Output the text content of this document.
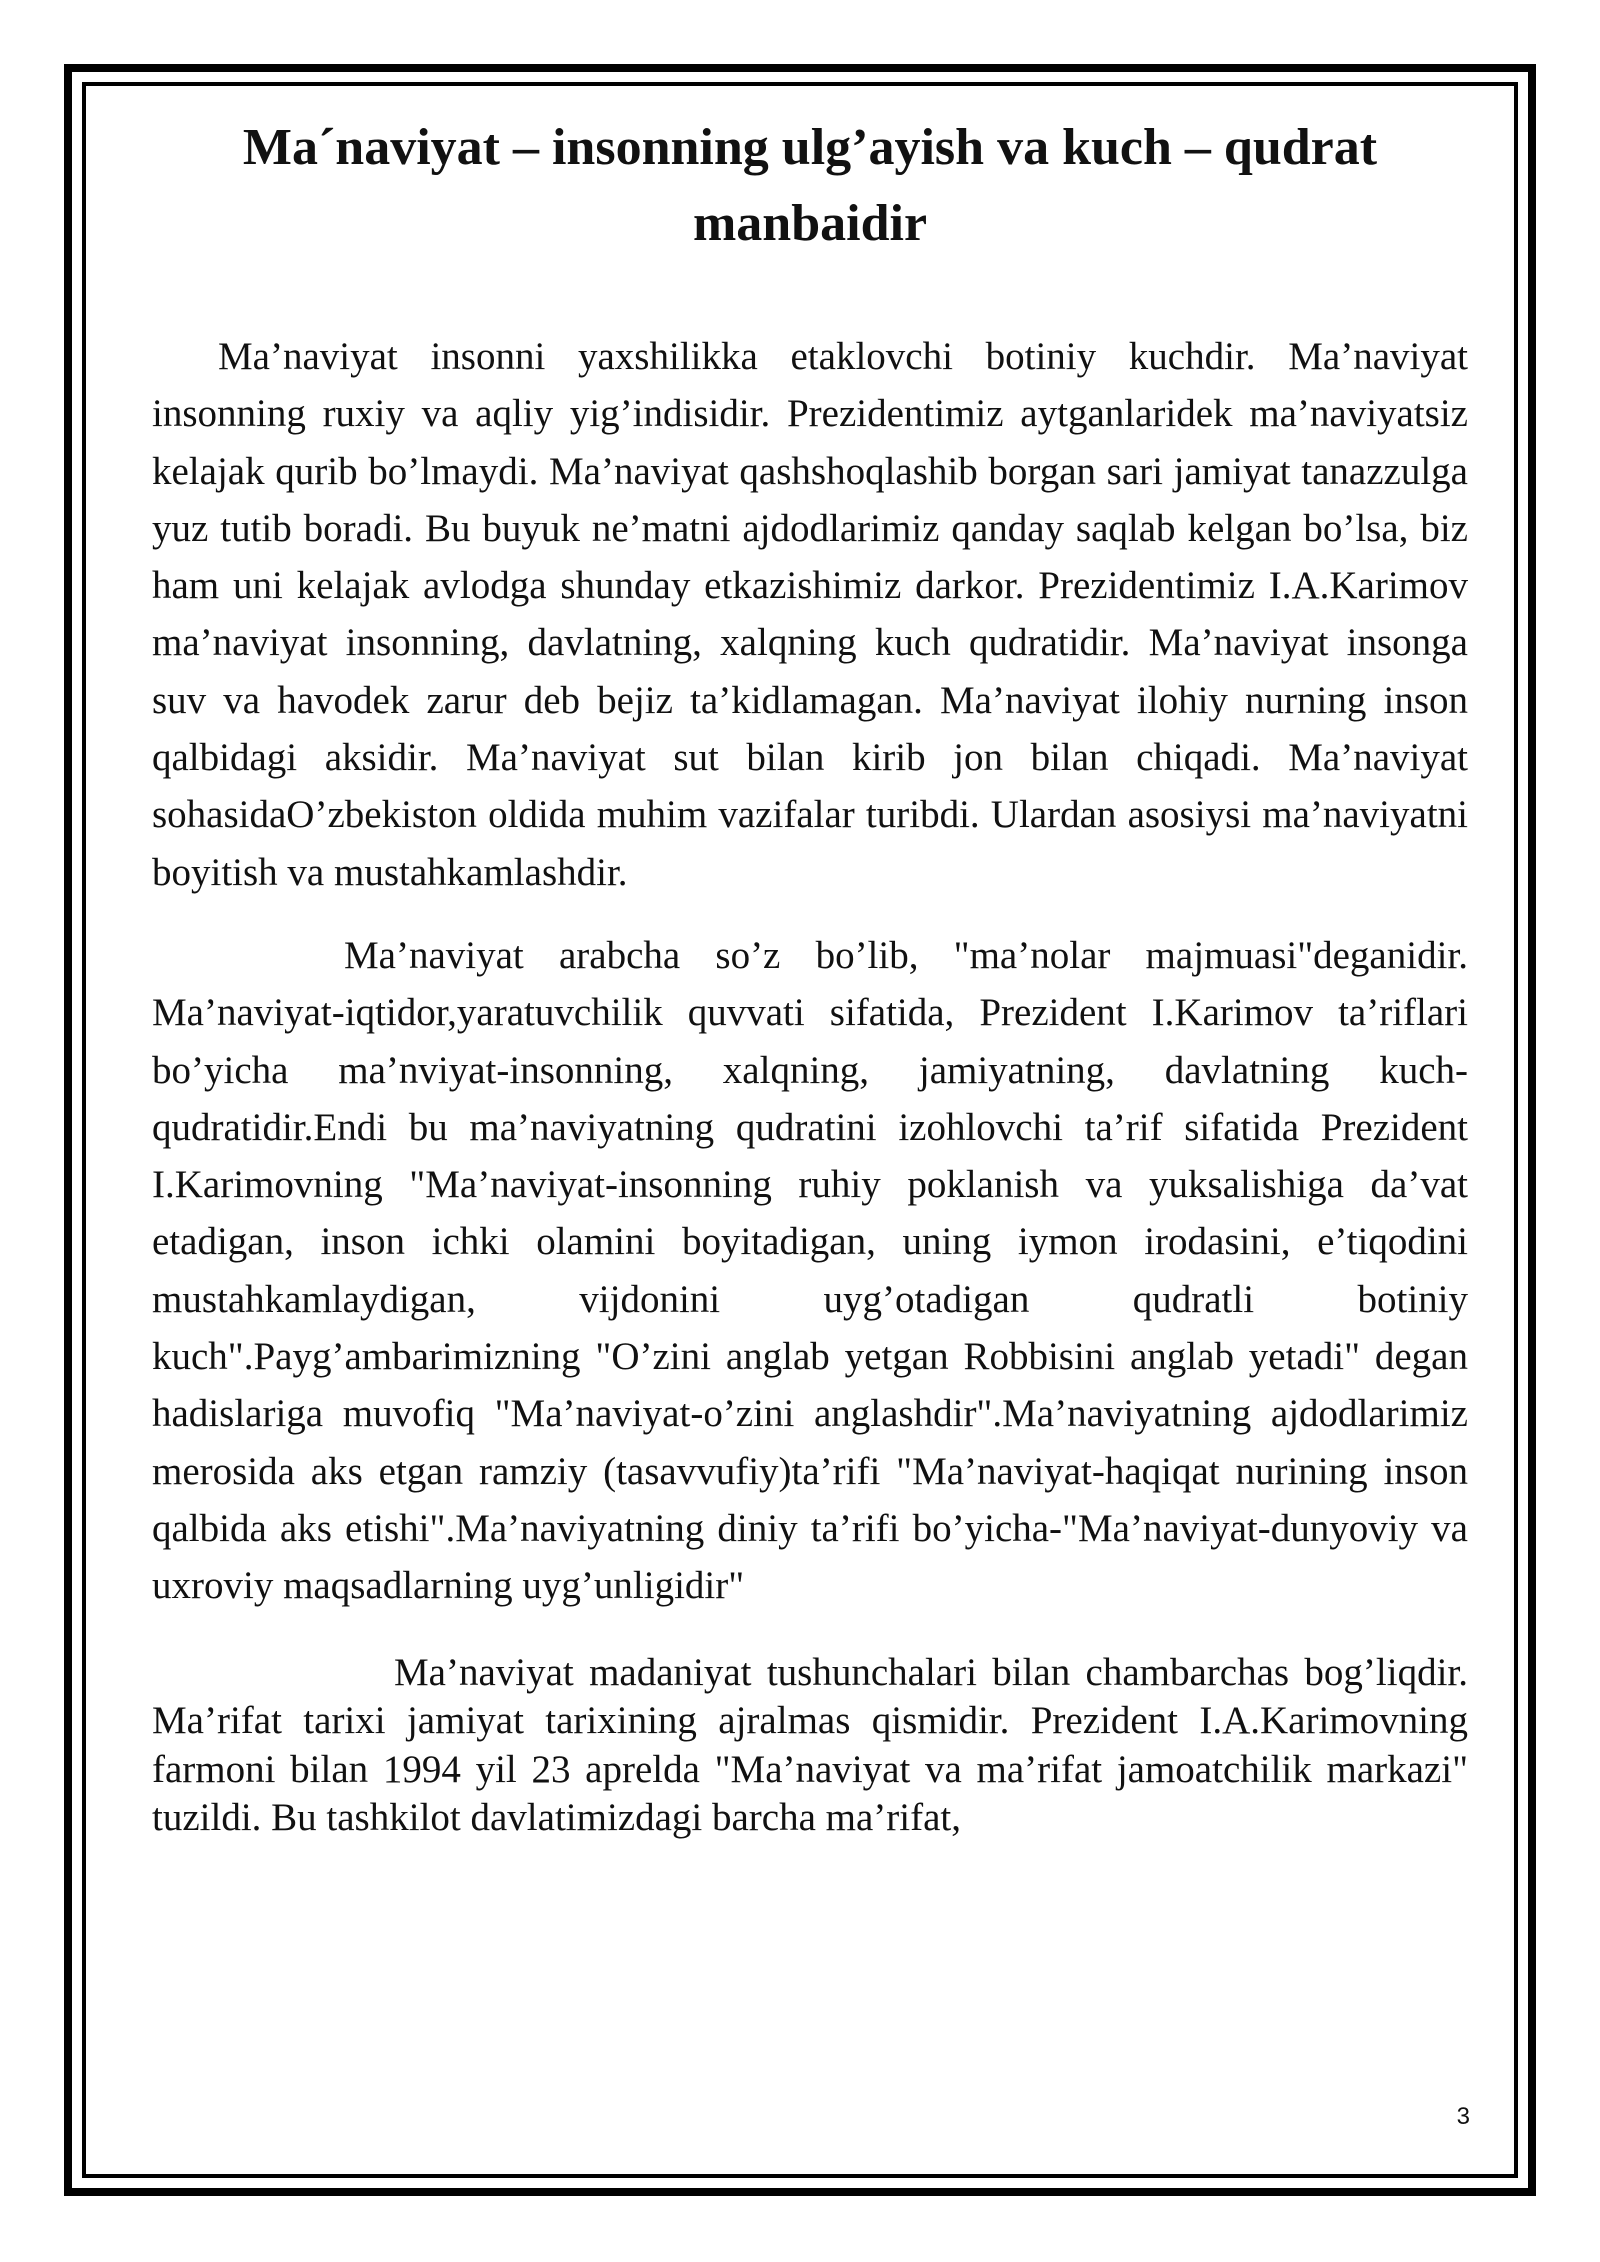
Ma´naviyat – insonning ulg’ayish va kuch – qudrat manbaidir

Ma’naviyat insonni yaxshilikka etaklovchi botiniy kuchdir. Ma’naviyat insonning ruxiy va aqliy yig’indisidir. Prezidentimiz aytganlaridek ma’naviyatsiz kelajak qurib bo’lmaydi. Ma’naviyat qashshoqlashib borgan sari jamiyat tanazzulga yuz tutib boradi. Bu buyuk ne’matni ajdodlarimiz qanday saqlab kelgan bo’lsa, biz ham uni kelajak avlodga shunday etkazishimiz darkor. Prezidentimiz I.A.Karimov ma’naviyat insonning, davlatning, xalqning kuch qudratidir. Ma’naviyat insonga suv va havodek zarur deb bejiz ta’kidlamagan. Ma’naviyat ilohiy nurning inson qalbidagi aksidir. Ma’naviyat sut bilan kirib jon bilan chiqadi. Ma’naviyat sohasidaO’zbekiston oldida muhim vazifalar turibdi. Ulardan asosiysi ma’naviyatni boyitish va mustahkamlashdir.

Ma’naviyat arabcha so’z bo’lib, "ma’nolar majmuasi"deganidir. Ma’naviyat-iqtidor,yaratuvchilik quvvati sifatida, Prezident I.Karimov ta’riflari bo’yicha ma’nviyat-insonning, xalqning, jamiyatning, davlatning kuch-qudratidir.Endi bu ma’naviyatning qudratini izohlovchi ta’rif sifatida Prezident I.Karimovning "Ma’naviyat-insonning ruhiy poklanish va yuksalishiga da’vat etadigan, inson ichki olamini boyitadigan, uning iymon irodasini, e’tiqodini mustahkamlaydigan, vijdonini uyg’otadigan qudratli botiniy kuch".Payg’ambarimizning "O’zini anglab yetgan Robbisini anglab yetadi" degan hadislariga muvofiq "Ma’naviyat-o’zini anglashdir".Ma’naviyatning ajdodlarimiz merosida aks etgan ramziy (tasavvufiy)ta’rifi "Ma’naviyat-haqiqat nurining inson qalbida aks etishi".Ma’naviyatning diniy ta’rifi bo’yicha-"Ma’naviyat-dunyoviy va uxroviy maqsadlarning uyg’unligidir"

Ma’naviyat madaniyat tushunchalari bilan chambarchas bog’liqdir. Ma’rifat tarixi jamiyat tarixining ajralmas qismidir. Prezident I.A.Karimovning farmoni bilan 1994 yil 23 aprelda "Ma’naviyat va ma’rifat jamoatchilik markazi" tuzildi. Bu tashkilot davlatimizdagi barcha ma’rifat,

3
